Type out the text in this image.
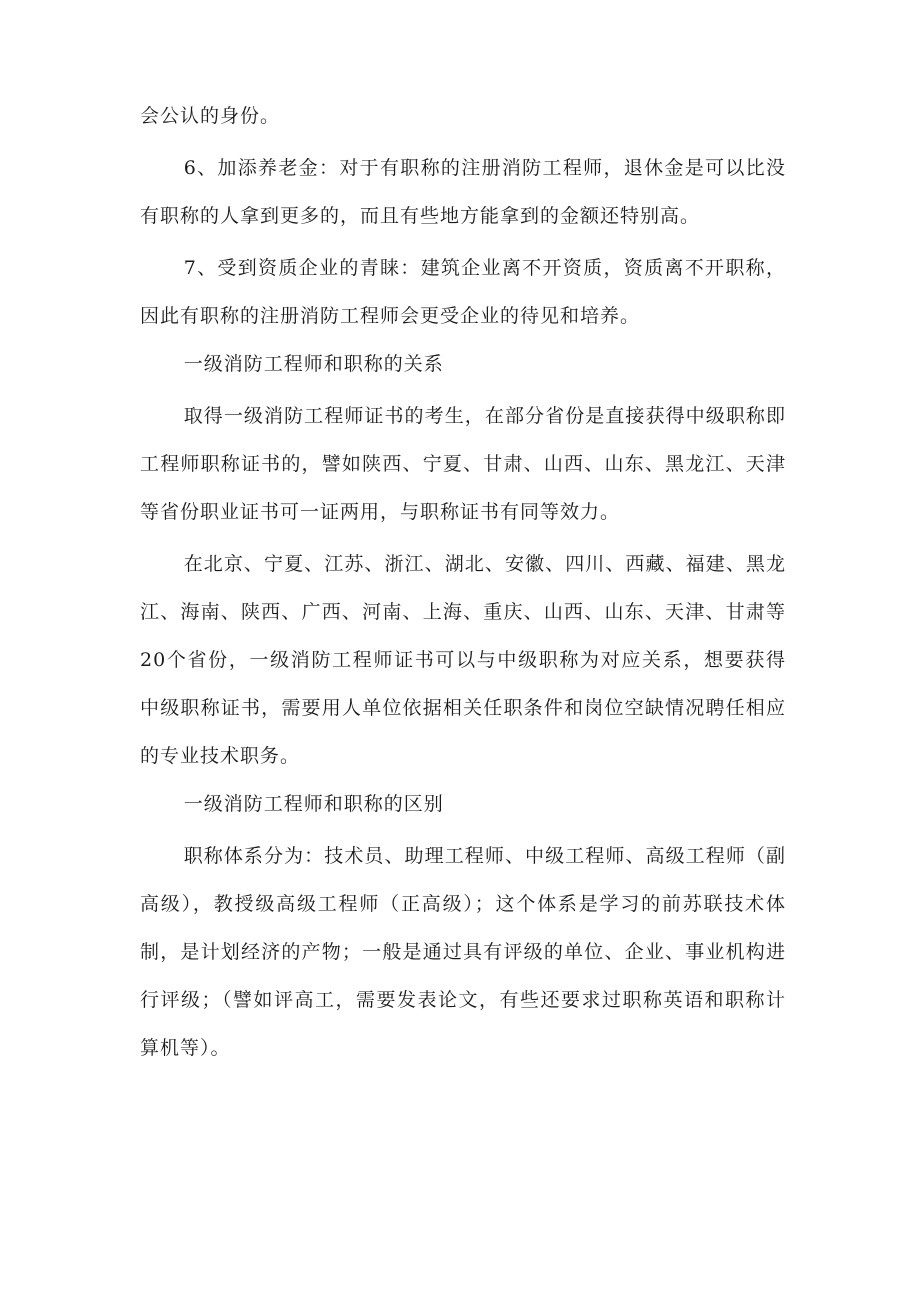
会公认的身份。

6、加添养老金：对于有职称的注册消防工程师，退休金是可以比没有职称的人拿到更多的，而且有些地方能拿到的金额还特别高。

7、受到资质企业的青睐：建筑企业离不开资质，资质离不开职称，因此有职称的注册消防工程师会更受企业的待见和培养。

一级消防工程师和职称的关系

取得一级消防工程师证书的考生，在部分省份是直接获得中级职称即工程师职称证书的，譬如陕西、宁夏、甘肃、山西、山东、黑龙江、天津等省份职业证书可一证两用，与职称证书有同等效力。

在北京、宁夏、江苏、浙江、湖北、安徽、四川、西藏、福建、黑龙江、海南、陕西、广西、河南、上海、重庆、山西、山东、天津、甘肃等20个省份，一级消防工程师证书可以与中级职称为对应关系，想要获得中级职称证书，需要用人单位依据相关任职条件和岗位空缺情况聘任相应的专业技术职务。

一级消防工程师和职称的区别

职称体系分为：技术员、助理工程师、中级工程师、高级工程师（副高级），教授级高级工程师（正高级）；这个体系是学习的前苏联技术体制，是计划经济的产物；一般是通过具有评级的单位、企业、事业机构进行评级；（譬如评高工，需要发表论文，有些还要求过职称英语和职称计算机等）。
